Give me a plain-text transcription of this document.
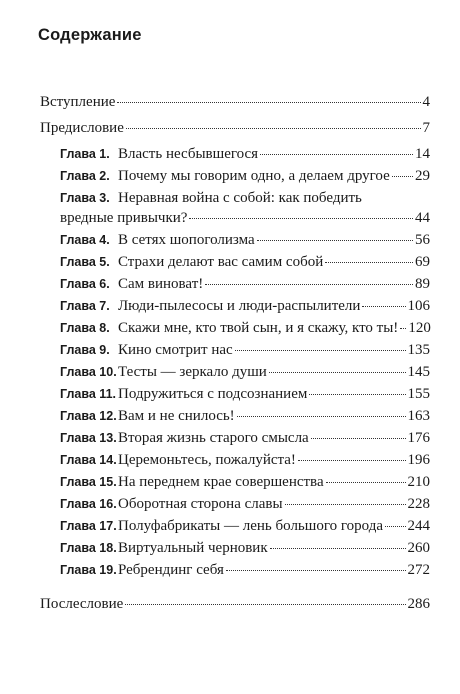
Содержание
Вступление	4
Предисловие	7
Глава 1. Власть несбывшегося	14
Глава 2. Почему мы говорим одно, а делаем другое 29
Глава 3. Неравная война с собой: как победить
вредные привычки?	44
Глава 4. В сетях шопоголизма	56
Глава 5. Страхи делают вас самим собой	69
Глава 6. Сам виноват!	89
Глава 7. Люди-пылесосы и люди-распылители	106
Глава 8. Скажи мне, кто твой сын, и я скажу, кто ты! 120
Глава 9. Кино смотрит нас	135
Глава 10. Тесты — зеркало души	145
Глава 11. Подружиться с подсознанием	155
Глава 12. Вам и не снилось!	163
Глава 13. Вторая жизнь старого смысла	176
Глава 14. Церемоньтесь, пожалуйста!	196
Глава 15. На переднем крае совершенства	210
Глава 16. Оборотная сторона славы	228
Глава 17. Полуфабрикаты — лень большого города 244
Глава 18. Виртуальный черновик	260
Глава 19. Ребрендинг себя	272
Послесловие	286
